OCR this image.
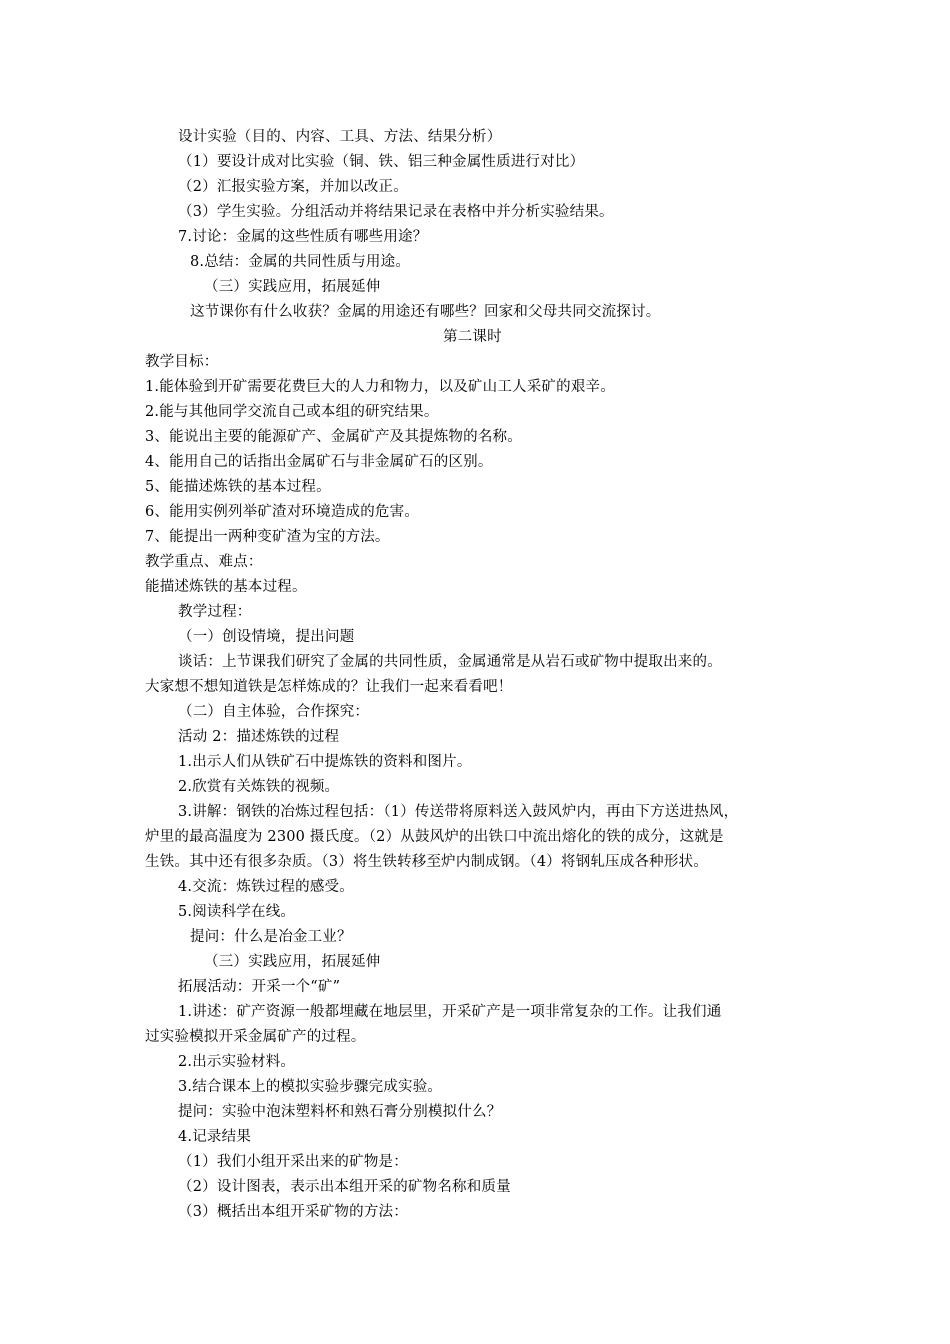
设计实验（目的、内容、工具、方法、结果分析）
（1）要设计成对比实验（铜、铁、铝三种金属性质进行对比）
（2）汇报实验方案，并加以改正。
（3）学生实验。分组活动并将结果记录在表格中并分析实验结果。
7.讨论：金属的这些性质有哪些用途？
8.总结：金属的共同性质与用途。
（三）实践应用，拓展延伸
这节课你有什么收获？金属的用途还有哪些？回家和父母共同交流探讨。
第二课时
教学目标：
1.能体验到开矿需要花费巨大的人力和物力，以及矿山工人采矿的艰辛。
2.能与其他同学交流自己或本组的研究结果。
3、能说出主要的能源矿产、金属矿产及其提炼物的名称。
4、能用自己的话指出金属矿石与非金属矿石的区别。
5、能描述炼铁的基本过程。
6、能用实例列举矿渣对环境造成的危害。
7、能提出一两种变矿渣为宝的方法。
教学重点、难点：
能描述炼铁的基本过程。
教学过程：
（一）创设情境，提出问题
谈话：上节课我们研究了金属的共同性质，金属通常是从岩石或矿物中提取出来的。
大家想不想知道铁是怎样炼成的？让我们一起来看看吧！
（二）自主体验，合作探究：
活动 2：描述炼铁的过程
1.出示人们从铁矿石中提炼铁的资料和图片。
2.欣赏有关炼铁的视频。
3.讲解：钢铁的冶炼过程包括：（1）传送带将原料送入鼓风炉内，再由下方送进热风，
炉里的最高温度为 2300 摄氏度。（2）从鼓风炉的出铁口中流出熔化的铁的成分，这就是
生铁。其中还有很多杂质。（3）将生铁转移至炉内制成钢。（4）将钢轧压成各种形状。
4.交流：炼铁过程的感受。
5.阅读科学在线。
提问：什么是冶金工业？
（三）实践应用，拓展延伸
拓展活动：开采一个“矿”
1.讲述：矿产资源一般都埋藏在地层里，开采矿产是一项非常复杂的工作。让我们通
过实验模拟开采金属矿产的过程。
2.出示实验材料。
3.结合课本上的模拟实验步骤完成实验。
提问：实验中泡沫塑料杯和熟石膏分别模拟什么？
4.记录结果
（1）我们小组开采出来的矿物是：
（2）设计图表，表示出本组开采的矿物名称和质量
（3）概括出本组开采矿物的方法：
